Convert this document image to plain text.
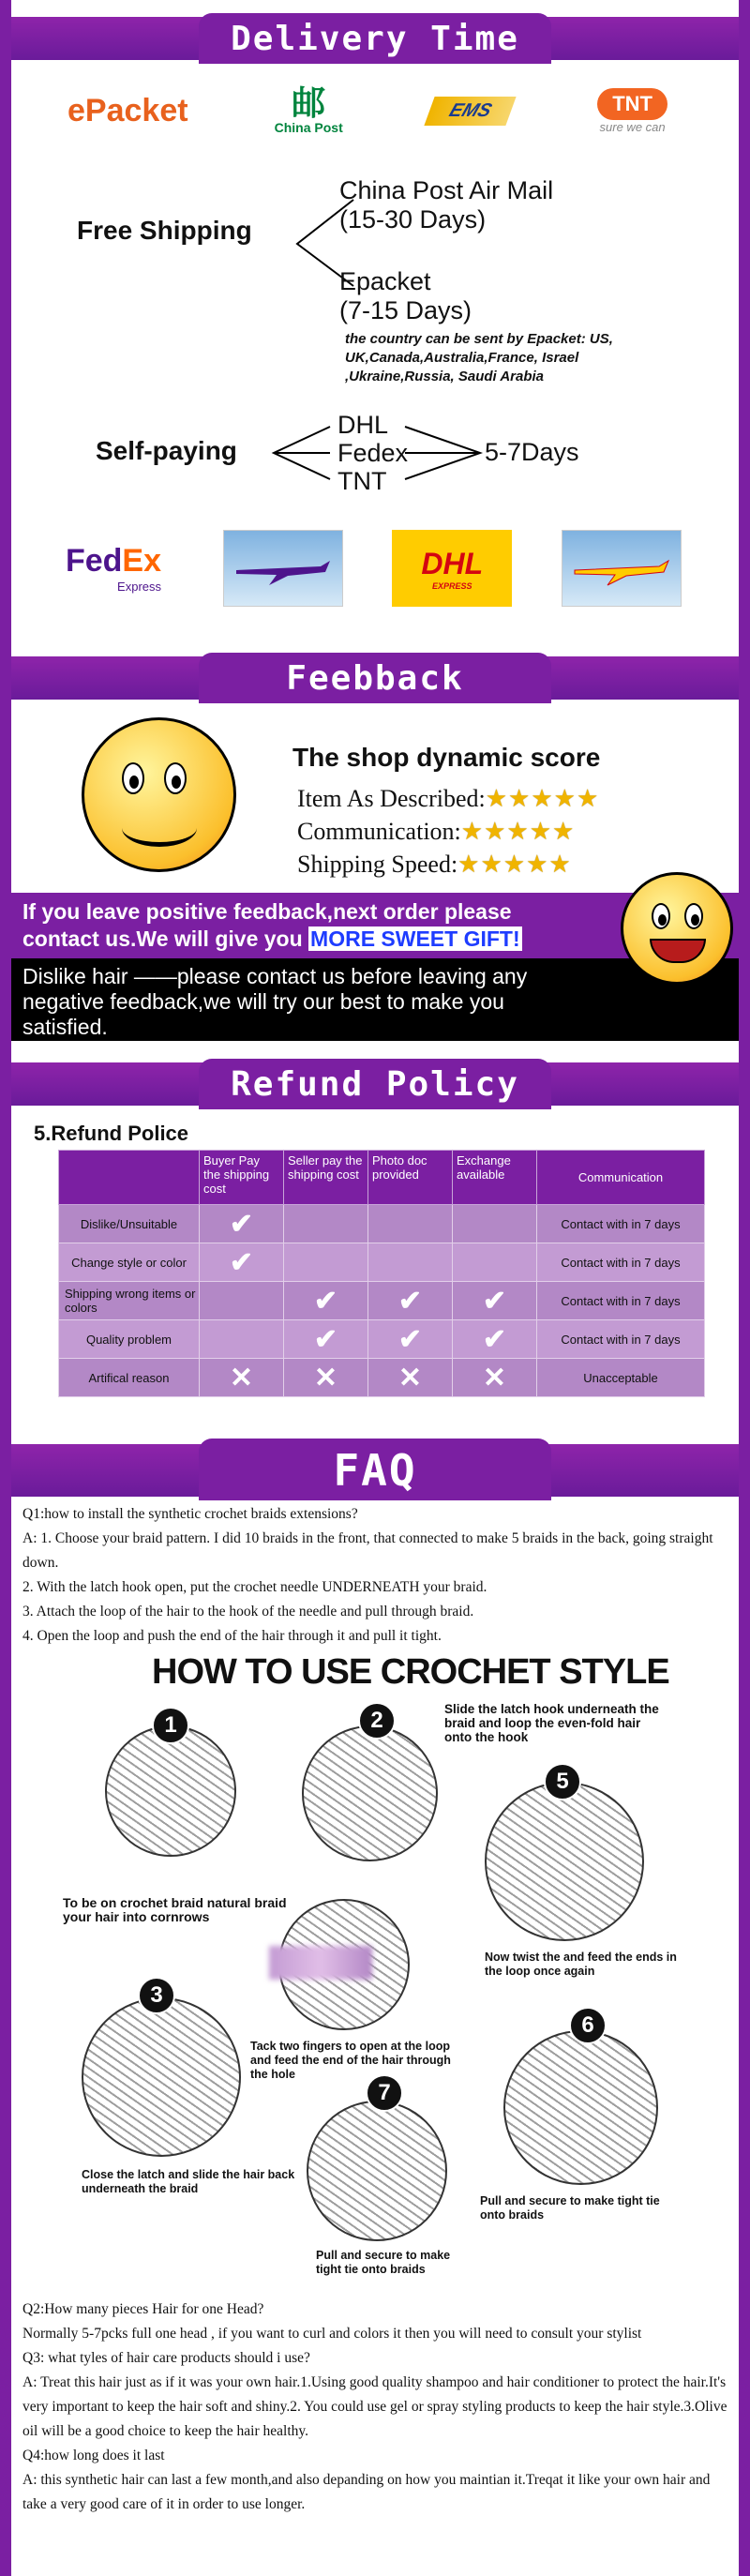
Delivery Time
ePacket	邮
China Post
EMS	TNT
sure we can
Free Shipping
China Post Air Mail
(15-30 Days)
Epacket
(7-15 Days)
the country can be sent by Epacket: US, UK,Canada,Australia,France, Israel ,Ukraine,Russia, Saudi Arabia
Self-paying
DHL
Fedex
TNT
5-7Days
FedEx
Express
DHL
EXPRESS
Feebback
The shop dynamic score
Item As Described:★★★★★
Communication:★★★★★
Shipping Speed:★★★★★
If you leave positive feedback,next order please contact us.We will give you MORE SWEET GIFT!
Dislike hair ——please contact us before leaving any negative feedback,we will try our best to make you satisfied.
Refund Policy
5.Refund Police
	Buyer Pay the shipping cost	Seller pay the shipping cost	Photo doc provided	Exchange available	Communication
Dislike/Unsuitable	✔				Contact with in 7 days
Change style or color	✔				Contact with in 7 days
Shipping wrong items or colors		✔	✔	✔	Contact with in 7 days
Quality problem		✔	✔	✔	Contact with in 7 days
Artifical reason	✕	✕	✕	✕	Unacceptable
FAQ
Q1:how to install the synthetic crochet braids extensions?
A: 1. Choose your braid pattern. I did 10 braids in the front, that connected to make 5 braids in the back, going straight down.
2. With the latch hook open, put the crochet needle UNDERNEATH your braid.
3. Attach the loop of the hair to the hook of the needle and pull through braid.
4. Open the loop and push the end of the hair through it and pull it tight.
HOW TO USE CROCHET STYLE
1
To be on crochet braid natural braid your hair into cornrows
2	Slide the latch hook underneath the braid and loop the even-fold hair onto the hook
5
Now twist the and feed the ends in the loop once again
Tack two fingers to open at the loop and feed the end of the hair through the hole
3
Close the latch and slide the hair back underneath the braid
6
Pull and secure to make tight tie onto braids
7
Pull and secure to make tight tie onto braids
Q2:How many pieces Hair for one Head?
Normally 5-7pcks full one head , if you want to curl and colors it then you will need to consult your stylist
Q3: what tyles of hair care products should i use?
A: Treat this hair just as if it was your own hair.1.Using good quality shampoo and hair conditioner to protect the hair.It's very important to keep the hair soft and shiny.2. You could use gel or spray styling products to keep the hair style.3.Olive oil will be a good choice to keep the hair healthy.
Q4:how long does it last
A: this synthetic hair can last a few month,and also depanding on how you maintian it.Treqat it like your own hair and take a very good care of it in order to use longer.
